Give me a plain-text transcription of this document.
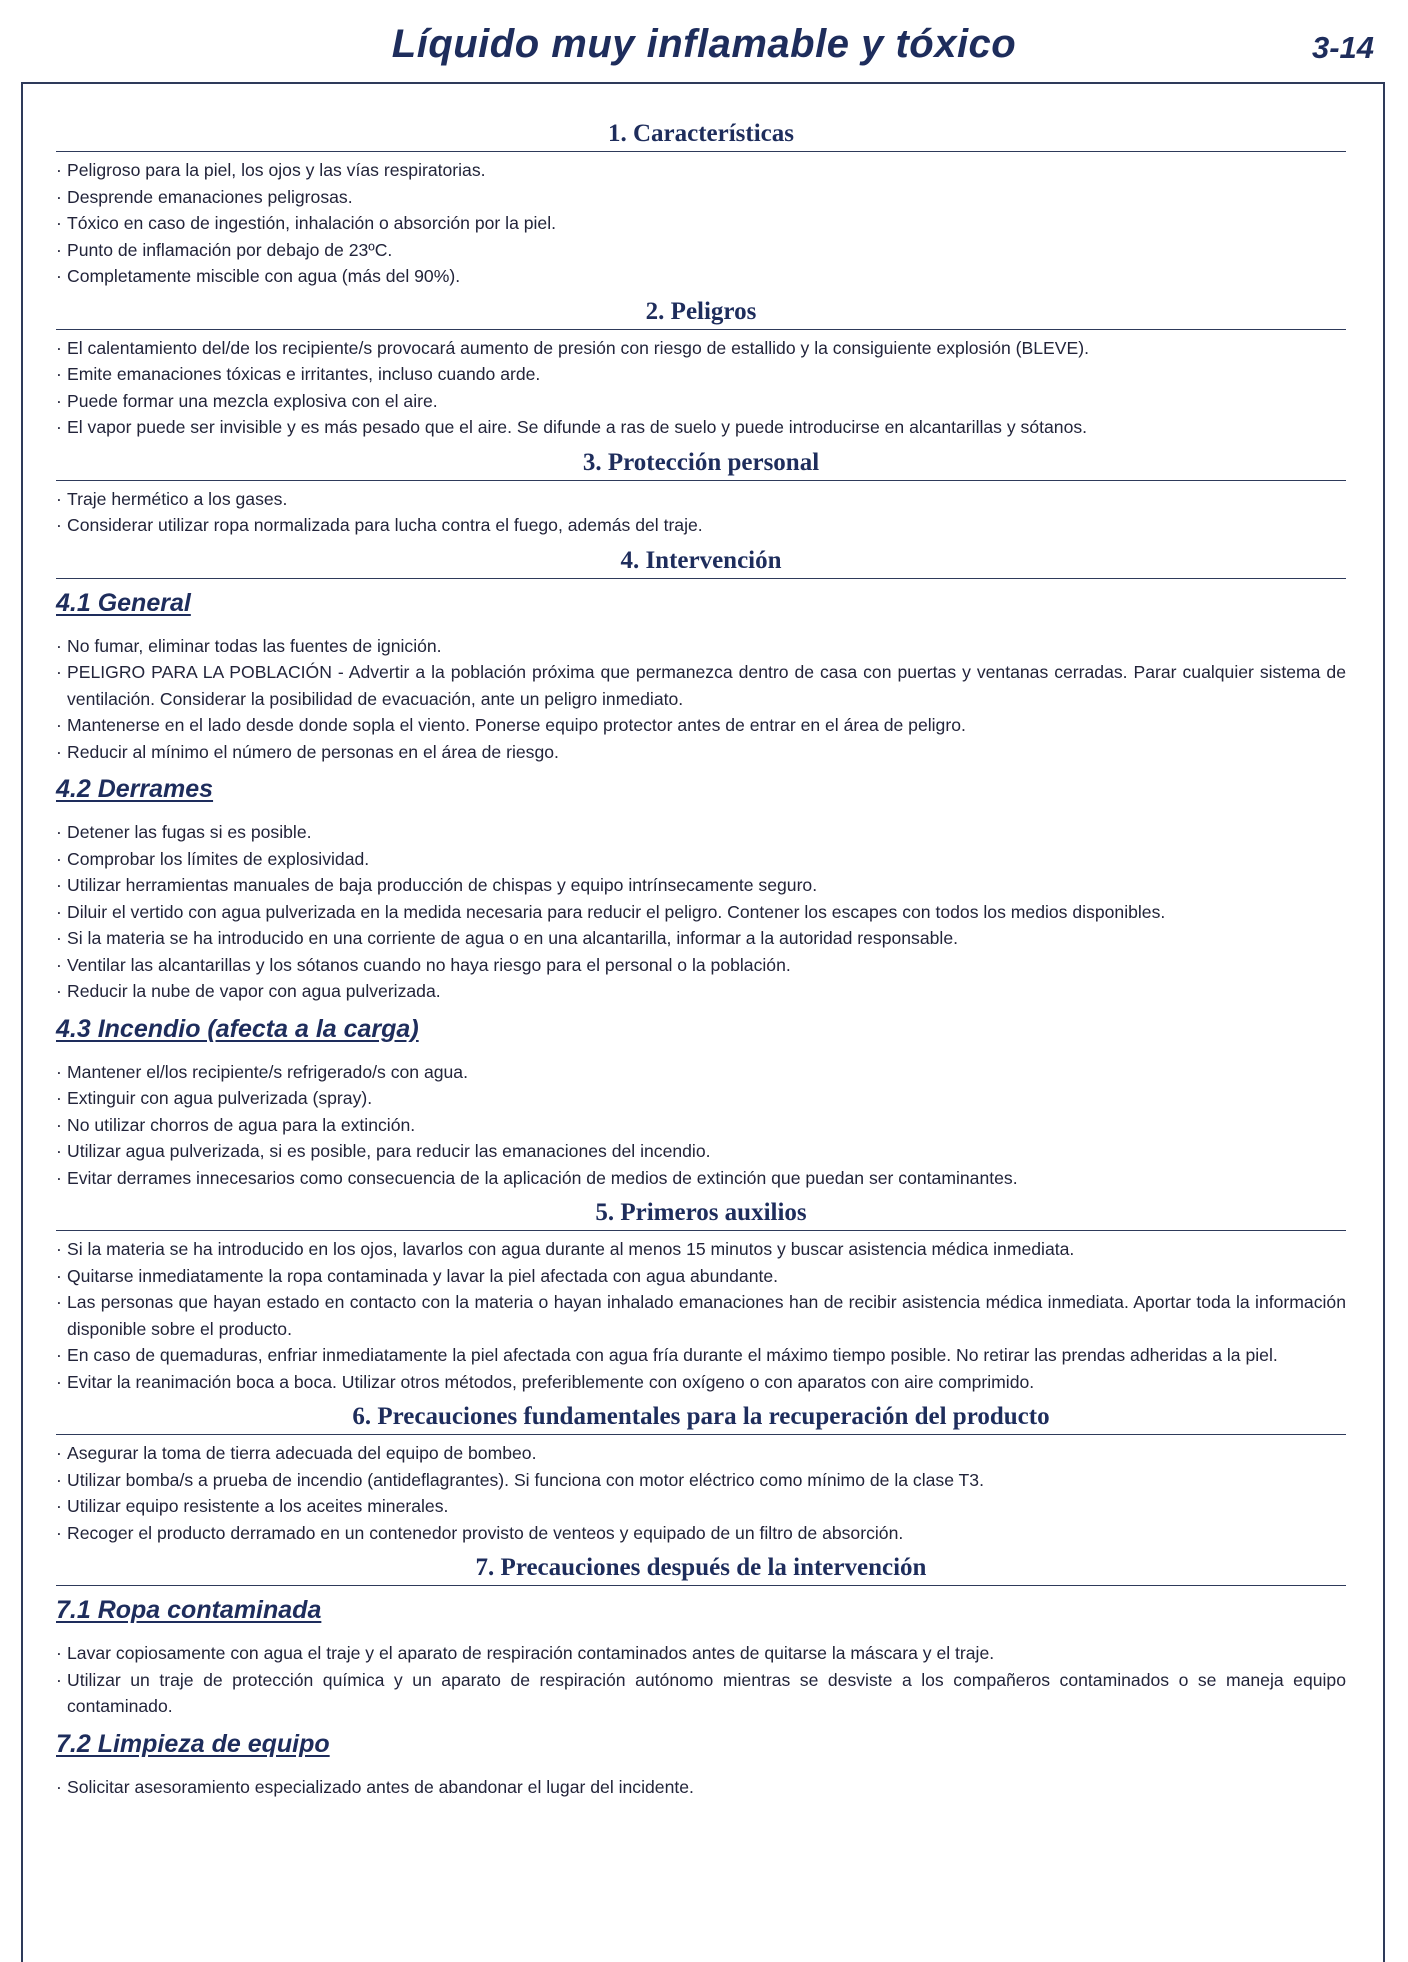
Líquido muy inflamable y tóxico	3-14
1. Características
· Peligroso para la piel, los ojos y las vías respiratorias.
· Desprende emanaciones peligrosas.
· Tóxico en caso de ingestión, inhalación o absorción por la piel.
· Punto de inflamación por debajo de 23ºC.
· Completamente miscible con agua (más del 90%).
2. Peligros
· El calentamiento del/de los recipiente/s provocará aumento de presión con riesgo de estallido y la consiguiente explosión (BLEVE).
· Emite emanaciones tóxicas e irritantes, incluso cuando arde.
· Puede formar una mezcla explosiva con el aire.
· El vapor puede ser invisible y es más pesado que el aire. Se difunde a ras de suelo y puede introducirse en alcantarillas y sótanos.
3. Protección personal
· Traje hermético a los gases.
· Considerar utilizar ropa normalizada para lucha contra el fuego, además del traje.
4. Intervención
4.1 General
· No fumar, eliminar todas las fuentes de ignición.
· PELIGRO PARA LA POBLACIÓN - Advertir a la población próxima que permanezca dentro de casa con puertas y ventanas cerradas. Parar cualquier sistema de ventilación. Considerar la posibilidad de evacuación, ante un peligro inmediato.
· Mantenerse en el lado desde donde sopla el viento. Ponerse equipo protector antes de entrar en el área de peligro.
· Reducir al mínimo el número de personas en el área de riesgo.
4.2 Derrames
· Detener las fugas si es posible.
· Comprobar los límites de explosividad.
· Utilizar herramientas manuales de baja producción de chispas y equipo intrínsecamente seguro.
· Diluir el vertido con agua pulverizada en la medida necesaria para reducir el peligro. Contener los escapes con todos los medios disponibles.
· Si la materia se ha introducido en una corriente de agua o en una alcantarilla, informar a la autoridad responsable.
· Ventilar las alcantarillas y los sótanos cuando no haya riesgo para el personal o la población.
· Reducir la nube de vapor con agua pulverizada.
4.3 Incendio (afecta a la carga)
· Mantener el/los recipiente/s refrigerado/s con agua.
· Extinguir con agua pulverizada (spray).
· No utilizar chorros de agua para la extinción.
· Utilizar agua pulverizada, si es posible, para reducir las emanaciones del incendio.
· Evitar derrames innecesarios como consecuencia de la aplicación de medios de extinción que puedan ser contaminantes.
5. Primeros auxilios
· Si la materia se ha introducido en los ojos, lavarlos con agua durante al menos 15 minutos y buscar asistencia médica inmediata.
· Quitarse inmediatamente la ropa contaminada y lavar la piel afectada con agua abundante.
· Las personas que hayan estado en contacto con la materia o hayan inhalado emanaciones han de recibir asistencia médica inmediata. Aportar toda la información disponible sobre el producto.
· En caso de quemaduras, enfriar inmediatamente la piel afectada con agua fría durante el máximo tiempo posible. No retirar las prendas adheridas a la piel.
· Evitar la reanimación boca a boca. Utilizar otros métodos, preferiblemente con oxígeno o con aparatos con aire comprimido.
6. Precauciones fundamentales para la recuperación del producto
· Asegurar la toma de tierra adecuada del equipo de bombeo.
· Utilizar bomba/s a prueba de incendio (antideflagrantes). Si funciona con motor eléctrico como mínimo de la clase T3.
· Utilizar equipo resistente a los aceites minerales.
· Recoger el producto derramado en un contenedor provisto de venteos y equipado de un filtro de absorción.
7. Precauciones después de la intervención
7.1 Ropa contaminada
· Lavar copiosamente con agua el traje y el aparato de respiración contaminados antes de quitarse la máscara y el traje.
· Utilizar un traje de protección química y un aparato de respiración autónomo mientras se desviste a los compañeros contaminados o se maneja equipo contaminado.
7.2 Limpieza de equipo
· Solicitar asesoramiento especializado antes de abandonar el lugar del incidente.
